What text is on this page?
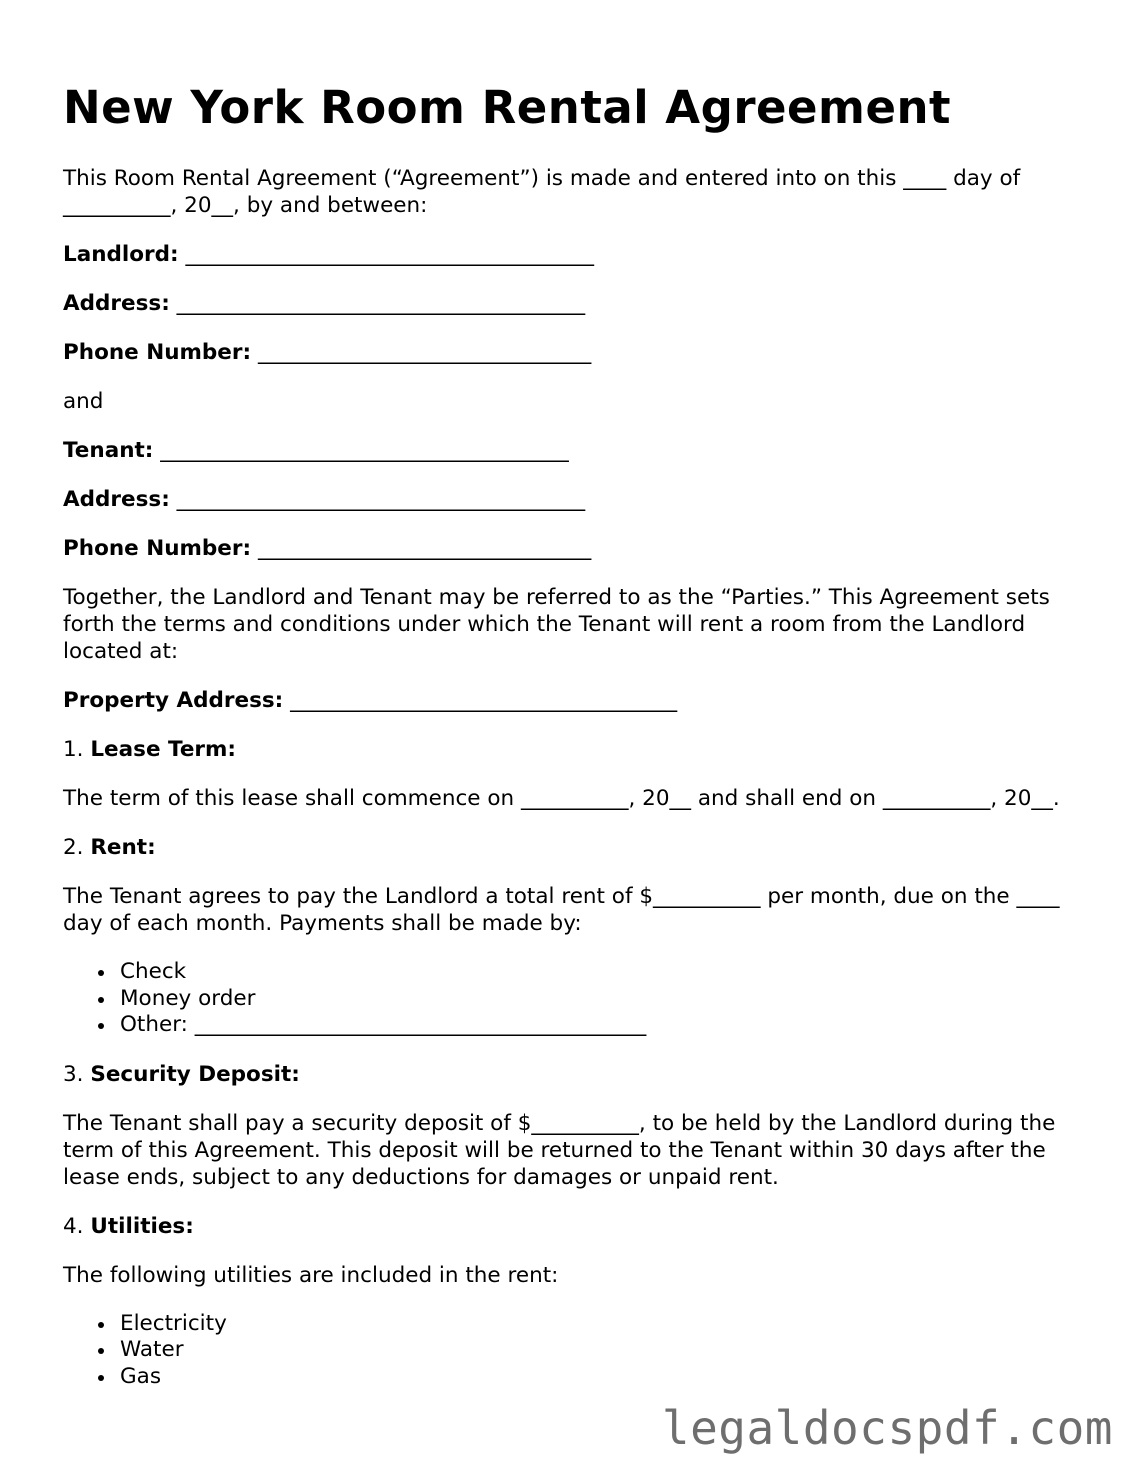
New York Room Rental Agreement

This Room Rental Agreement (“Agreement”) is made and entered into on this ____ day of __________, 20__, by and between:

Landlord: ______________________________________
Address: ______________________________________
Phone Number: _______________________________

and

Tenant: ______________________________________
Address: ______________________________________
Phone Number: _______________________________

Together, the Landlord and Tenant may be referred to as the “Parties.” This Agreement sets forth the terms and conditions under which the Tenant will rent a room from the Landlord located at:

Property Address: ____________________________________
1. Lease Term:

The term of this lease shall commence on __________, 20__ and shall end on __________, 20__.

2. Rent:

The Tenant agrees to pay the Landlord a total rent of $__________ per month, due on the ____ day of each month. Payments shall be made by:

Check
Money order
Other: __________________________________________
3. Security Deposit:

The Tenant shall pay a security deposit of $__________, to be held by the Landlord during the term of this Agreement. This deposit will be returned to the Tenant within 30 days after the lease ends, subject to any deductions for damages or unpaid rent.

4. Utilities:

The following utilities are included in the rent:

Electricity
Water
Gas
legaldocspdf.com
